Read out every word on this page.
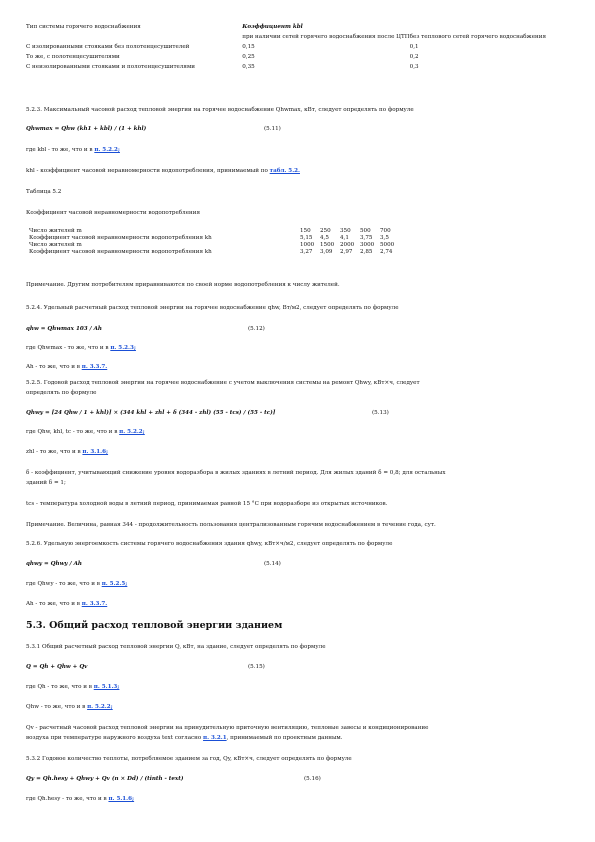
Тип системы горячего водоснабжения	Коэффициент kbl	
	при наличии сетей горячего водоснабжения после ЦТП	без теплового сетей горячего водоснабжения
С изолированными стояками без полотенцесушителей	0,15	0,1
То же, с полотенцесушителями	0,25	0,2
С неизолированными стояками и полотенцесушителями	0,35	0,3
5.2.3. Максимальный часовой расход тепловой энергии на горячее водоснабжение Qhwmax, кВт, следует определять по формуле
Qhwmax = Qhw (kh1 + kbl) / (1 + khl)	(5.11)
где kbl - то же, что и в п. 5.2.2;
khl - коэффициент часовой неравномерности водопотребления, принимаемый по табл. 5.2.
Таблица 5.2
Коэффициент часовой неравномерности водопотребления
Число жителей m	150	250	350	500	700
Коэффициент часовой неравномерности водопотребления kh	5,15	4,5	4,1	3,75	3,5
Число жителей m	1000	1500	2000	3000	5000
Коэффициент часовой неравномерности водопотребления kh	3,27	3,09	2,97	2,85	2,74
Примечание. Другим потребителям приравниваются по своей норме водопотребления к числу жителей.
5.2.4. Удельный расчетный расход тепловой энергии на горячее водоснабжение qhw, Вт/м2, следует определять по формуле
qhw = Qhwmax 103 / Ah	(5.12)
где Qhwmax - то же, что и в п. 5.2.3;
Ah - то же, что и в п. 3.3.7.
5.2.5. Годовой расход тепловой энергии на горячее водоснабжение с учетом выключения системы на ремонт Qhwy, кВт×ч, следует
определять по формуле
Qhwy = [24 Qhw / 1 + khl)] × (344 khl + zhl + δ (344 - zhl) (55 - tcs) / (55 - tc)]	(5.13)
где Qhw, khl, tc - то же, что и в п. 5.2.2;
zhl - то же, что и в п. 3.1.6;
δ - коэффициент, учитывающий снижение уровня водоразбора в жилых зданиях в летний период. Для жилых зданий δ = 0,8; для остальных
зданий δ = 1;
tcs - температура холодной воды в летний период, принимаемая равной 15 °С при водоразборе из открытых источников.
Примечание. Величина, равная 344 - продолжительность пользования централизованным горячим водоснабжением в течение года, сут.
5.2.6. Удельную энергоемкость системы горячего водоснабжения здания qhwy, кВт×ч/м2, следует определять по формуле
qhwy = Qhwy / Ah	(5.14)
где Qhwy - то же, что и в п. 5.2.5;
Ah - то же, что и в п. 3.3.7.
5.3. Общий расход тепловой энергии зданием
5.3.1 Общий расчетный расход тепловой энергии Q, кВт, на здание, следует определять по формуле
Q = Qh + Qhw + Qv	(5.15)
где Qh - то же, что и в п. 5.1.3;
Qhw - то же, что и в п. 5.2.2;
Qv - расчетный часовой расход тепловой энергии на принудительную приточную вентиляцию, тепловые завесы и кондиционирование
воздуха при температуре наружного воздуха text согласно п. 3.2.1, принимаемый по проектным данным.
5.3.2 Годовое количество теплоты, потребляемое зданием за год, Qy, кВт×ч, следует определять по формуле
Qy = Qh.hesy + Qhwy + Qv (n × Dd) / (tinth - text)	(5.16)
где Qh.hesy - то же, что и в п. 5.1.6;
